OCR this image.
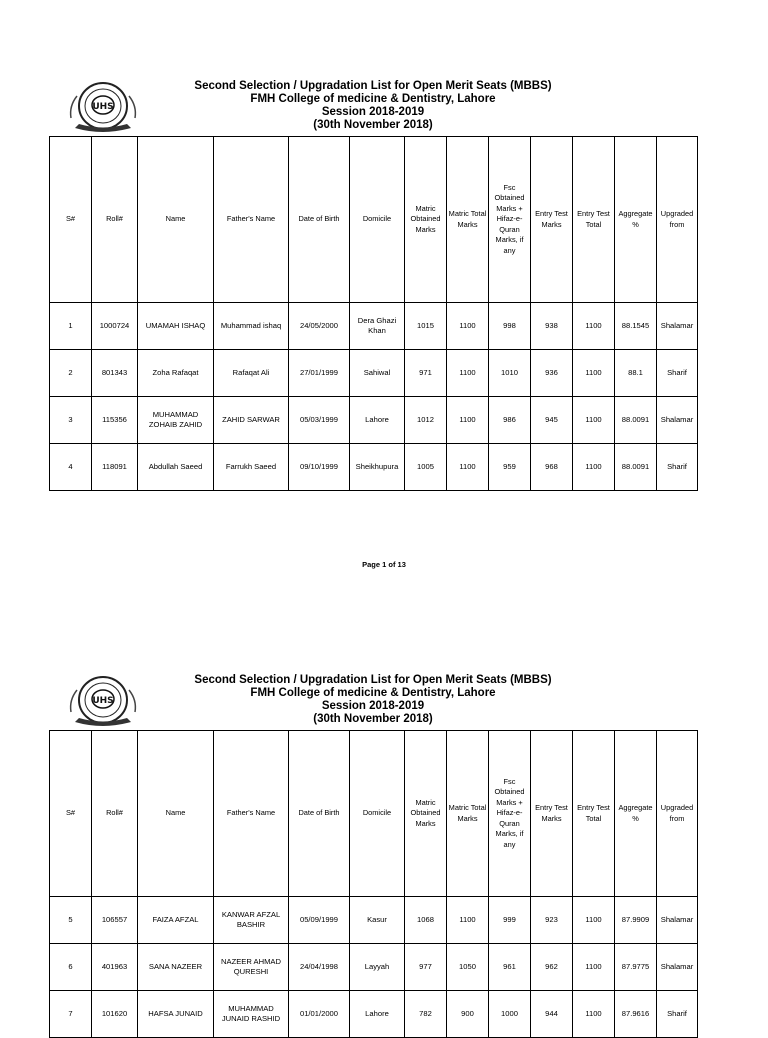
UHS
Second Selection / Upgradation List for Open Merit Seats (MBBS)
FMH College of medicine & Dentistry, Lahore
Session 2018-2019
(30th November 2018)
S#	Roll#	Name	Father's Name	Date of Birth	Domicile	Matric Obtained Marks	Matric Total Marks	Fsc Obtained Marks + Hifaz-e-Quran Marks, if any	Entry Test Marks	Entry Test Total	Aggregate %	Upgraded from
1	1000724	UMAMAH ISHAQ	Muhammad ishaq	24/05/2000	Dera Ghazi Khan	1015	1100	998	938	1100	88.1545	Shalamar
2	801343	Zoha Rafaqat	Rafaqat Ali	27/01/1999	Sahiwal	971	1100	1010	936	1100	88.1	Sharif
3	115356	MUHAMMAD ZOHAIB ZAHID	ZAHID SARWAR	05/03/1999	Lahore	1012	1100	986	945	1100	88.0091	Shalamar
4	118091	Abdullah Saeed	Farrukh Saeed	09/10/1999	Sheikhupura	1005	1100	959	968	1100	88.0091	Sharif
Page 1 of 13
UHS
Second Selection / Upgradation List for Open Merit Seats (MBBS)
FMH College of medicine & Dentistry, Lahore
Session 2018-2019
(30th November 2018)
S#	Roll#	Name	Father's Name	Date of Birth	Domicile	Matric Obtained Marks	Matric Total Marks	Fsc Obtained Marks + Hifaz-e-Quran Marks, if any	Entry Test Marks	Entry Test Total	Aggregate %	Upgraded from
5	106557	FAIZA AFZAL	KANWAR AFZAL BASHIR	05/09/1999	Kasur	1068	1100	999	923	1100	87.9909	Shalamar
6	401963	SANA NAZEER	NAZEER AHMAD QURESHI	24/04/1998	Layyah	977	1050	961	962	1100	87.9775	Shalamar
7	101620	HAFSA JUNAID	MUHAMMAD JUNAID RASHID	01/01/2000	Lahore	782	900	1000	944	1100	87.9616	Sharif
